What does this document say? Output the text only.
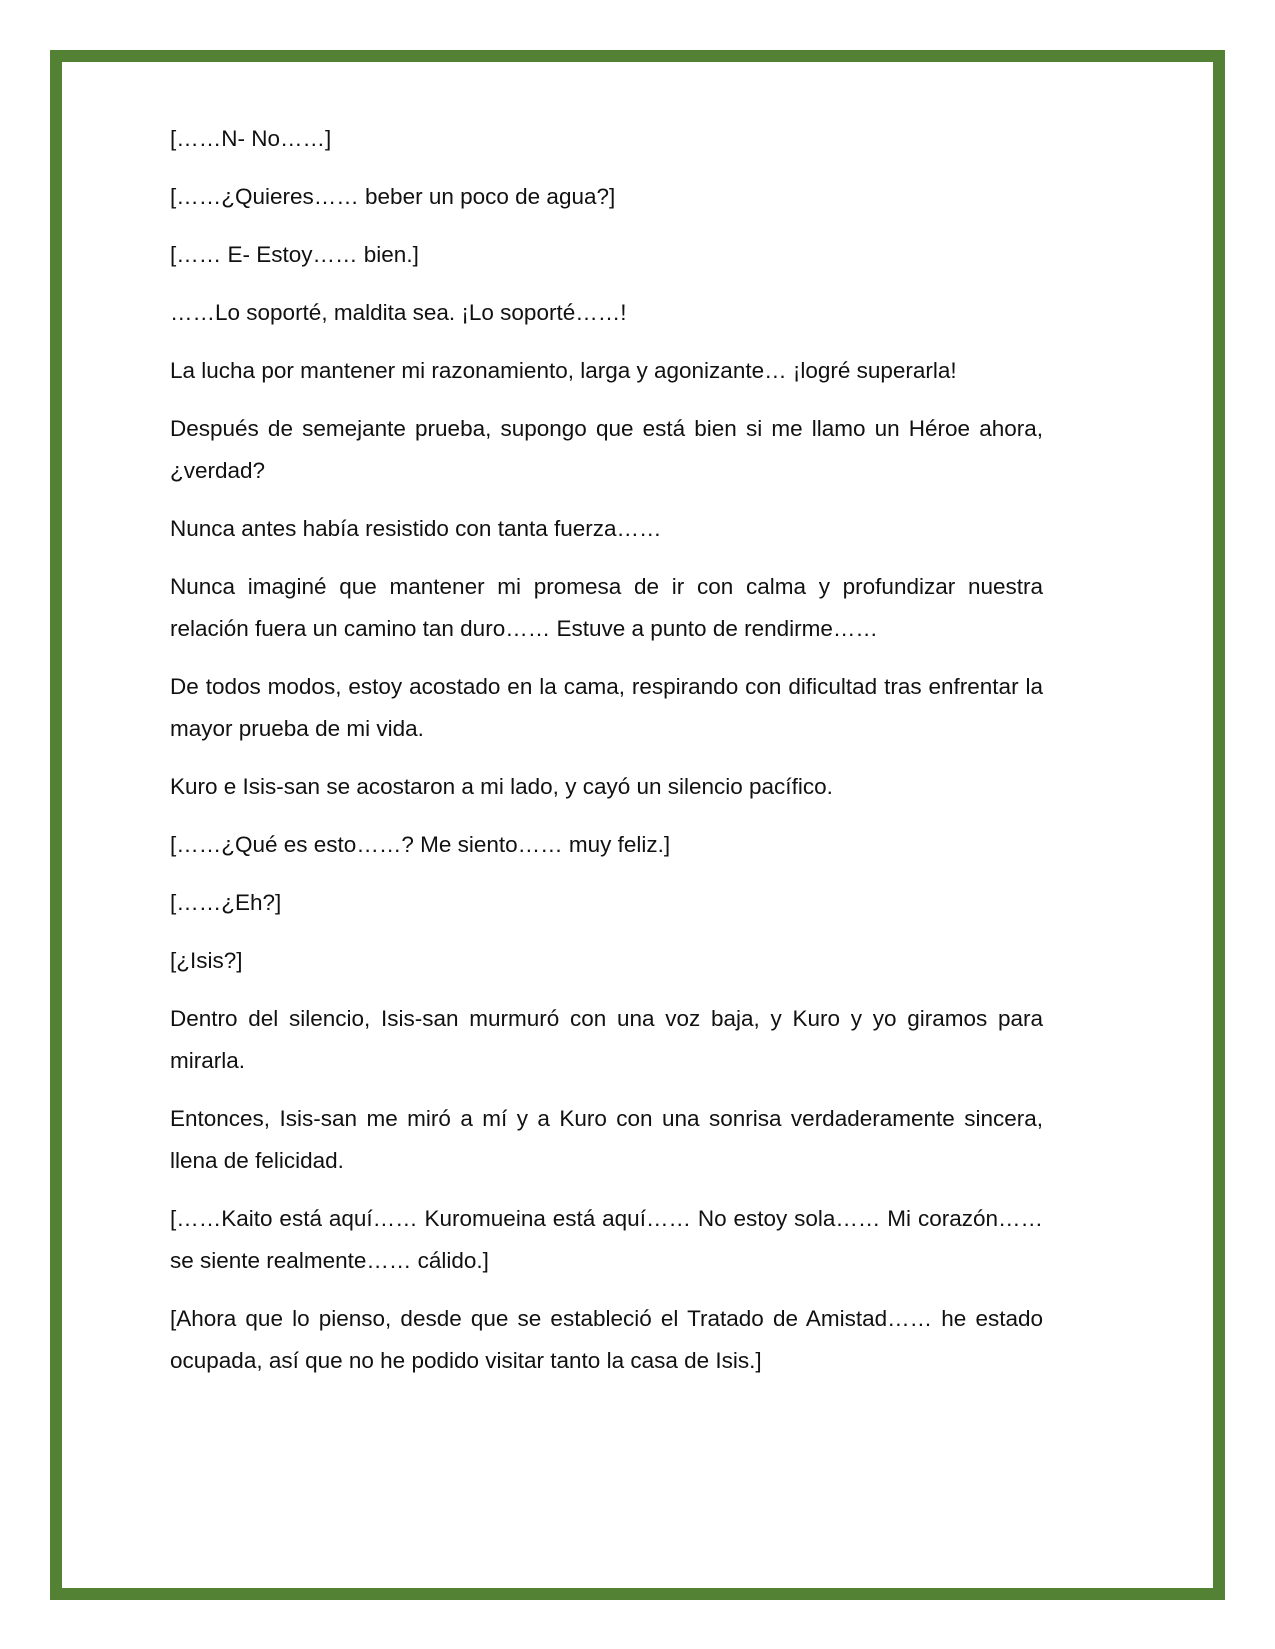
[……N- No……]

[……¿Quieres…… beber un poco de agua?]

[…… E- Estoy…… bien.]

……Lo soporté, maldita sea. ¡Lo soporté……!

La lucha por mantener mi razonamiento, larga y agonizante… ¡logré superarla!

Después de semejante prueba, supongo que está bien si me llamo un Héroe ahora, ¿verdad?

Nunca antes había resistido con tanta fuerza……

Nunca imaginé que mantener mi promesa de ir con calma y profundizar nuestra relación fuera un camino tan duro…… Estuve a punto de rendirme……

De todos modos, estoy acostado en la cama, respirando con dificultad tras enfrentar la mayor prueba de mi vida.

Kuro e Isis-san se acostaron a mi lado, y cayó un silencio pacífico.

[……¿Qué es esto……? Me siento…… muy feliz.]

[……¿Eh?]

[¿Isis?]

Dentro del silencio, Isis-san murmuró con una voz baja, y Kuro y yo giramos para mirarla.

Entonces, Isis-san me miró a mí y a Kuro con una sonrisa verdaderamente sincera, llena de felicidad.

[……Kaito está aquí…… Kuromueina está aquí…… No estoy sola…… Mi corazón…… se siente realmente…… cálido.]

[Ahora que lo pienso, desde que se estableció el Tratado de Amistad…… he estado ocupada, así que no he podido visitar tanto la casa de Isis.]
